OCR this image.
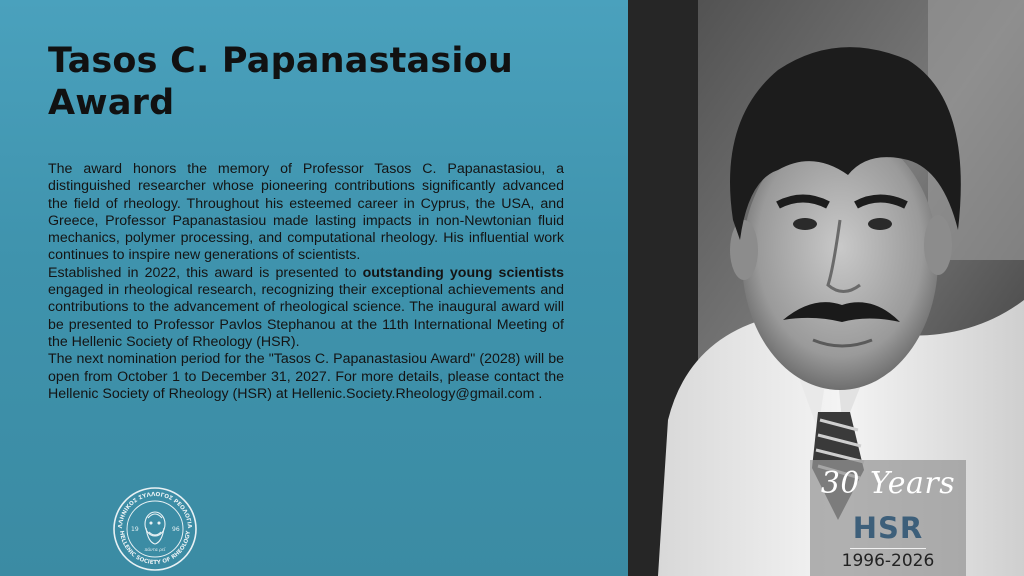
Tasos C. Papanastasiou Award

The award honors the memory of Professor Tasos C. Papanastasiou, a distinguished researcher whose pioneering contributions significantly advanced the field of rheology. Throughout his esteemed career in Cyprus, the USA, and Greece, Professor Papanastasiou made lasting impacts in non-Newtonian fluid mechanics, polymer processing, and computational rheology. His influential work continues to inspire new generations of scientists.

Established in 2022, this award is presented to outstanding young scientists engaged in rheological research, recognizing their exceptional achievements and contributions to the advancement of rheological science. The inaugural award will be presented to Professor Pavlos Stephanou at the 11th International Meeting of the Hellenic Society of Rheology (HSR).

The next nomination period for the "Tasos C. Papanastasiou Award" (2028) will be open from October 1 to December 31, 2027. For more details, please contact the Hellenic Society of Rheology (HSR) at Hellenic.Society.Rheology@gmail.com .

ΛΛΗΝΙΚΟΣ ΣΥΛΛΟΓΟΣ ΡΕΟΛΟΓΙΑ
HELLENIC SOCIETY OF RHEOLOGY
19	96
πάντα ρεῖ
30 Years
HSR
1996-2026
